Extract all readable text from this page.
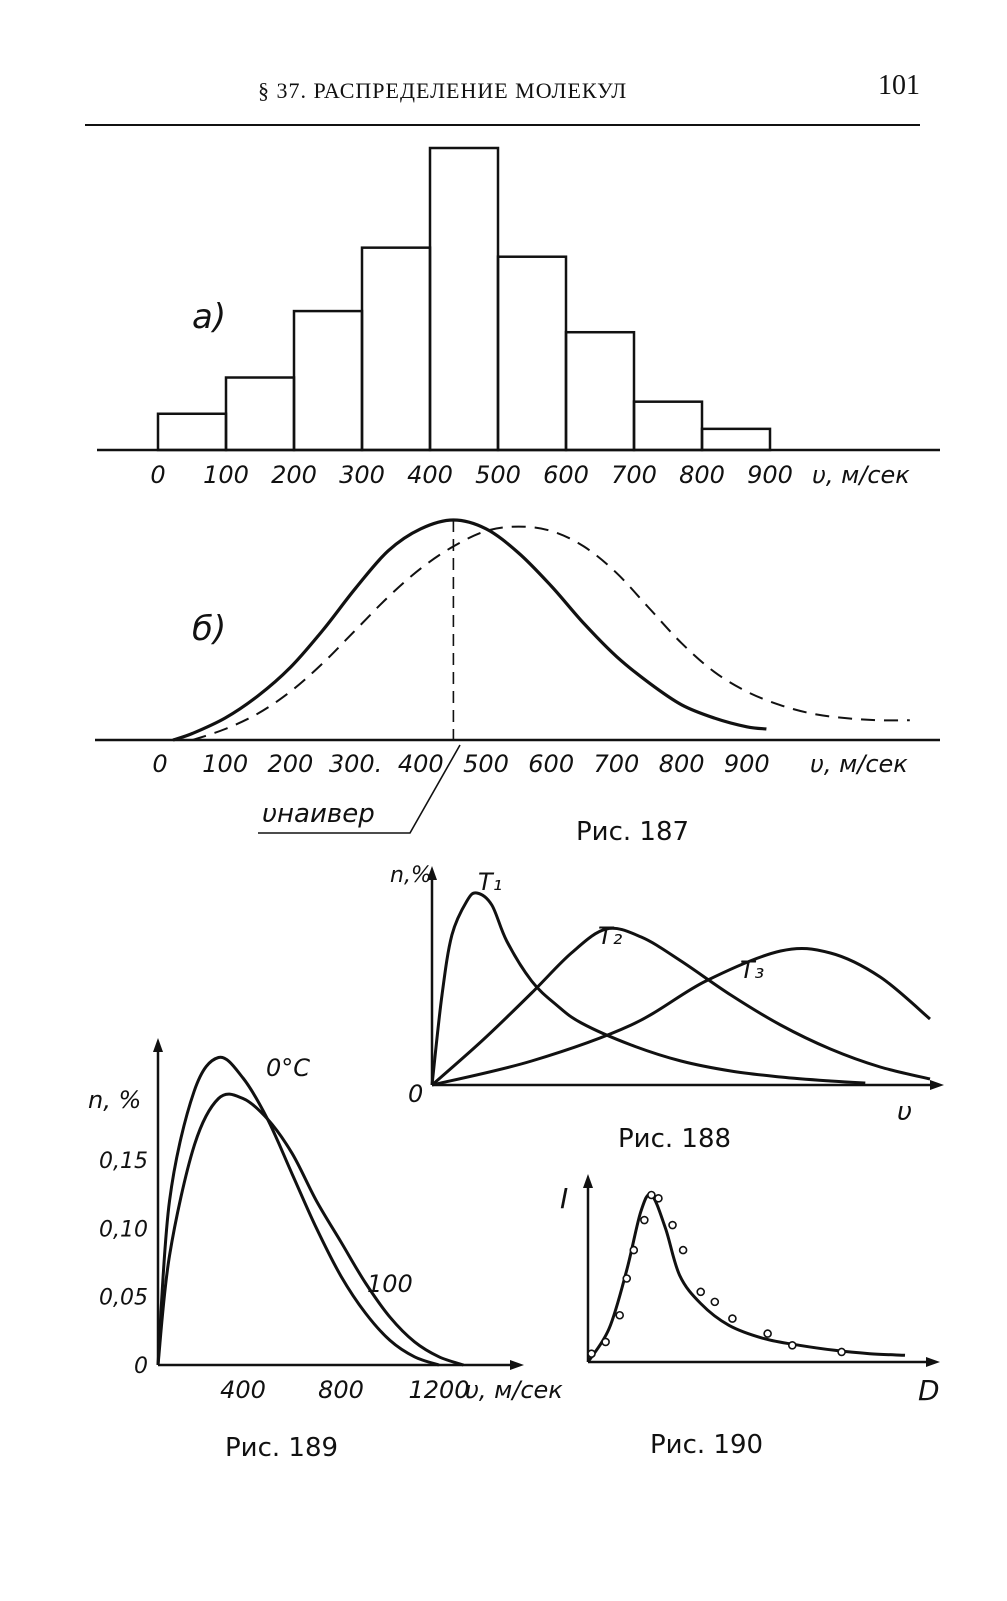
§ 37. РАСПРЕДЕЛЕНИЕ МОЛЕКУЛ	101
Рис. 187
Рис. 188
Рис. 189	Рис. 190
0 100 200 300 400 500 600 700 800 900 υ, м/сек
а)
0 100 200 300. 400 500 600 700 800 900 υ, м/сек
υнаивер
б)
T₁
T₂
T₃
n,%
υ
0
0°C
100
400 800 1200
υ, м/сек
0
0,05
0,10
0,15
n, %
I
D
